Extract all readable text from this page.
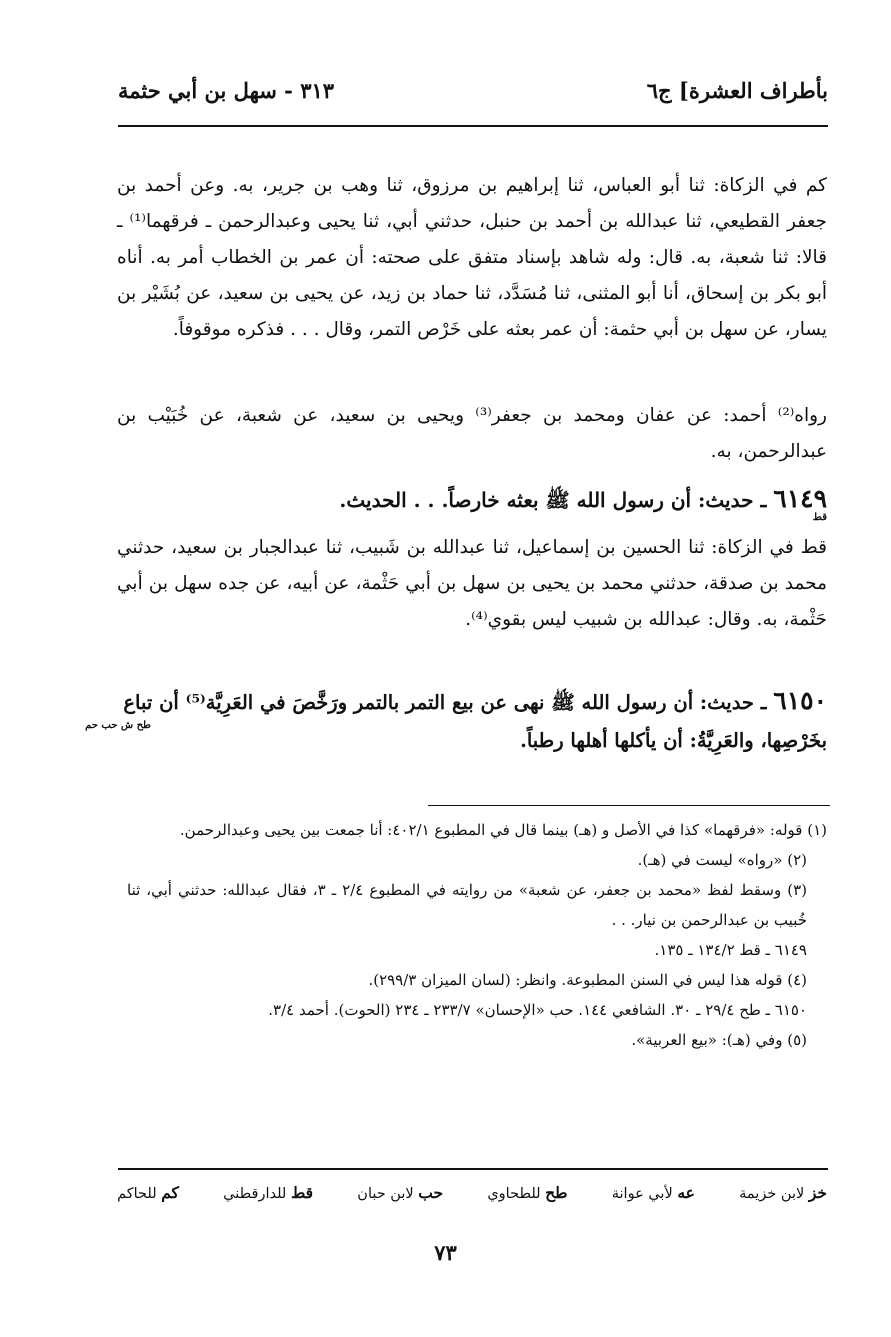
بأطراف العشرة] ج٦
٣١٣ - سهل بن أبي حثمة

كم في الزكاة: ثنا أبو العباس، ثنا إبراهيم بن مرزوق، ثنا وهب بن جرير، به. وعن أحمد بن جعفر القطيعي، ثنا عبدالله بن أحمد بن حنبل، حدثني أبي، ثنا يحيى وعبدالرحمن ـ فرقهما⁽¹⁾ ـ قالا: ثنا شعبة، به. قال: وله شاهد بإسناد متفق على صحته: أن عمر بن الخطاب أمر به. أناه أبو بكر بن إسحاق، أنا أبو المثنى، ثنا مُسَدَّد، ثنا حماد بن زيد، عن يحيى بن سعيد، عن بُشَيْر بن يسار، عن سهل بن أبي حثمة: أن عمر بعثه على خَرْص التمر، وقال . . . فذكره موقوفاً.

رواه⁽²⁾ أحمد: عن عفان ومحمد بن جعفر⁽³⁾ ويحيى بن سعيد، عن شعبة، عن خُبَيْب بن عبدالرحمن، به.

٦١٤٩ ـ حديث: أن رسول الله ﷺ بعثه خارصاً. . . الحديث.
قط

قط في الزكاة: ثنا الحسين بن إسماعيل، ثنا عبدالله بن شَبيب، ثنا عبدالجبار بن سعيد، حدثني محمد بن صدقة، حدثني محمد بن يحيى بن سهل بن أبي حَثْمة، عن أبيه، عن جده سهل بن أبي حَثْمة، به. وقال: عبدالله بن شبيب ليس بقوي⁽⁴⁾.

٦١٥٠ ـ حديث: أن رسول الله ﷺ نهى عن بيع التمر بالتمر ورَخَّصَ في العَرِيَّة⁽⁵⁾ أن تباع بخَرْصِها، والعَرِيَّةُ: أن يأكلها أهلها رطباً.
طح ش حب حم

(١) قوله: «فرقهما» كذا في الأصل و (هـ) بينما قال في المطبوع ٤٠٢/١: أنا جمعت بين يحيى وعبدالرحمن.

(٢) «رواه» ليست في (هـ).

(٣) وسقط لفظ «محمد بن جعفر، عن شعبة» من روايته في المطبوع ٢/٤ ـ ٣، فقال عبدالله: حدثني أبي، ثنا خُبيب بن عبدالرحمن بن نيار. . .

٦١٤٩ ـ قط ١٣٤/٢ ـ ١٣٥.

(٤) قوله هذا ليس في السنن المطبوعة. وانظر: (لسان الميزان ٢٩٩/٣).

٦١٥٠ ـ طح ٢٩/٤ ـ ٣٠. الشافعي ١٤٤. حب «الإحسان» ٢٣٣/٧ ـ ٢٣٤ (الحوت). أحمد ٣/٤.

(٥) وفي (هـ): «بيع العربية».

خز لابن خزيمة
عه لأبي عوانة
طح للطحاوي
حب لابن حبان
قط للدارقطني
كم للحاكم
٧٣
